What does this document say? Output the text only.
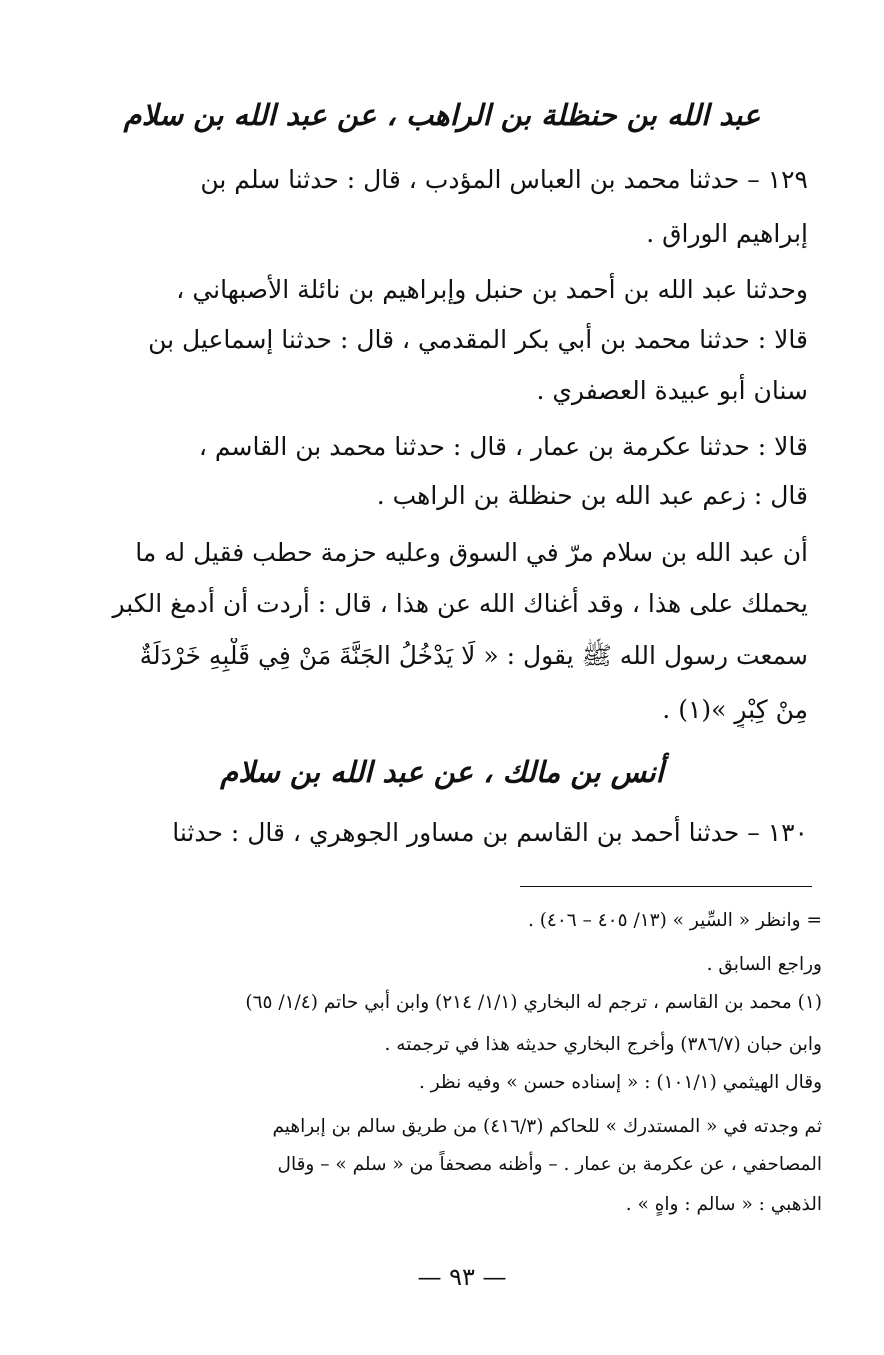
عبد الله بن حنظلة بن الراهب ، عن عبد الله بن سلام
١٢٩ – حدثنا محمد بن العباس المؤدب ، قال : حدثنا سلم بن
إبراهيم الوراق .
وحدثنا عبد الله بن أحمد بن حنبل وإبراهيم بن نائلة الأصبهاني ،
قالا : حدثنا محمد بن أبي بكر المقدمي ، قال : حدثنا إسماعيل بن
سنان أبو عبيدة العصفري .
قالا : حدثنا عكرمة بن عمار ، قال : حدثنا محمد بن القاسم ،
قال : زعم عبد الله بن حنظلة بن الراهب .
أن عبد الله بن سلام مرّ في السوق وعليه حزمة حطب فقيل له ما
يحملك على هذا ، وقد أغناك الله عن هذا ، قال : أردت أن أدمغ الكبر
سمعت رسول الله ﷺ يقول : « لَا يَدْخُلُ الجَنَّةَ مَنْ فِي قَلْبِهِ خَرْدَلَةٌ
مِنْ كِبْرٍ »(١) .
أنس بن مالك ، عن عبد الله بن سلام
١٣٠ – حدثنا أحمد بن القاسم بن مساور الجوهري ، قال : حدثنا
= وانظر « السِّير » (١٣/ ٤٠٥ – ٤٠٦) .
وراجع السابق .
(١) محمد بن القاسم ، ترجم له البخاري (١/١/ ٢١٤) وابن أبي حاتم (١/٤/ ٦٥)
وابن حبان (٣٨٦/٧) وأخرج البخاري حديثه هذا في ترجمته .
وقال الهيثمي (١٠١/١) : « إسناده حسن » وفيه نظر .
ثم وجدته في « المستدرك » للحاكم (٤١٦/٣) من طريق سالم بن إبراهيم
المصاحفي ، عن عكرمة بن عمار . – وأظنه مصحفاً من « سلم » – وقال
الذهبي : « سالم : واهٍ » .
— ٩٣ —
